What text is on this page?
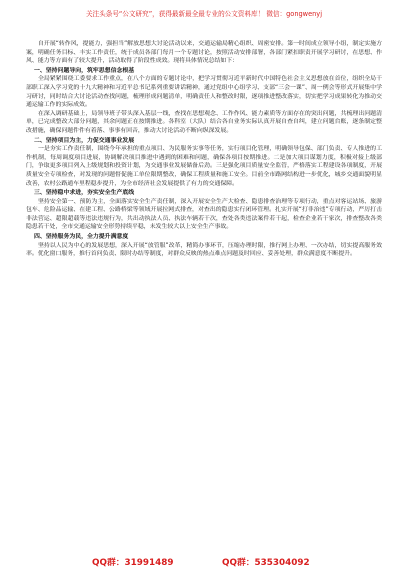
关注头条号“公文研究”，获得最新最全最专业的公文资料库！ 微信：gongwenyj

自开展“转作风，提能力，强担当”解放思想大讨论活动以来，交通运输局精心组织、周密安排。第一时间成立领导小组，制定实施方案，明确任务目标、丰实工作责任，统于成员各部门每月一个专题讨论，按照活动安排部署，各部门紧扣职责开展学习研讨，在思想、作风、能力等方面有了较大提升，活动取得了阶段性成效。现将具体情况总结如下：

一、坚持问题导向，筑牢思想信念根基

全局紧紧围绕工委要求工作重点，在八个方面的专题讨论中，把学习贯彻习近平新时代中国特色社会主义思想放在首位，组织全局干部职工深入学习党的十九大精神和习近平总书记系列重要讲话精神，通过党组中心组学习、支部“三会一课”、周一例会等形式开展集中学习研讨，同时结合大讨论活动查找问题，梳理形成问题清单，明确责任人和整改时限，逐项推进整改落实，切实把学习成果转化为推动交通运输工作的实际成效。

在深入调研基础上，局领导班子带头深入基层一线，查找在思想观念、工作作风、能力素质等方面存在的突出问题，共梳理出问题清单，已完成整改大部分问题，其余问题正在按期推进。各科室（大队）结合各自业务实际认真开展自查自纠，建立问题台账，逐条制定整改措施，确保问题件件有着落、事事有回音，推动大讨论活动不断向纵深发展。

二、坚持项目为主，力促交通事业发展

一是夯实工作责任制，围绕今年承担的重点项目、为民服务实事等任务，实行项目化管理，明确领导包保、部门负责、专人推进的工作机制，每周调度项目进展，协调解决项目推进中遇到的困难和问题，确保各项目按期推进。二是加大项目谋划力度，积极对接上级部门，争取更多项目列入上级规划和投资计划，为交通事业发展储备后劲。三是强化项目质量安全监管，严格落实工程建设各项制度，开展质量安全专项检查，对发现的问题督促施工单位限期整改，确保工程质量和施工安全。目前全市路网结构进一步优化，城乡交通面貌明显改善，农村公路通车里程稳步提升，为全市经济社会发展提供了有力的交通保障。

三、坚持稳中求进，夯实安全生产底线

坚持安全第一、预防为主，全面落实安全生产责任制，深入开展安全生产大检查、隐患排查治理等专项行动，重点对客运站场、旅游包车、危险品运输、在建工程、公路桥梁等领域开展拉网式排查，对查出的隐患实行闭环管理。扎实开展“打非治违”专项行动，严厉打击非法营运、超限超载等违法违规行为，共出动执法人员、执法车辆若干次，查处各类违法案件若干起，检查企业若干家次，排查整改各类隐患若干处，全市交通运输安全形势持续平稳，未发生较大以上安全生产事故。

四、坚持服务为民，全力提升满意度

坚持以人民为中心的发展思想，深入开展“放管服”改革，精简办事环节，压缩办理时限，推行网上办理、一次办结，切实提高服务效率。优化窗口服务，推行首问负责、限时办结等制度，对群众反映的热点难点问题及时回应、妥善处理，群众满意度不断提升。

QQ群：31991489	QQ群：535304092
